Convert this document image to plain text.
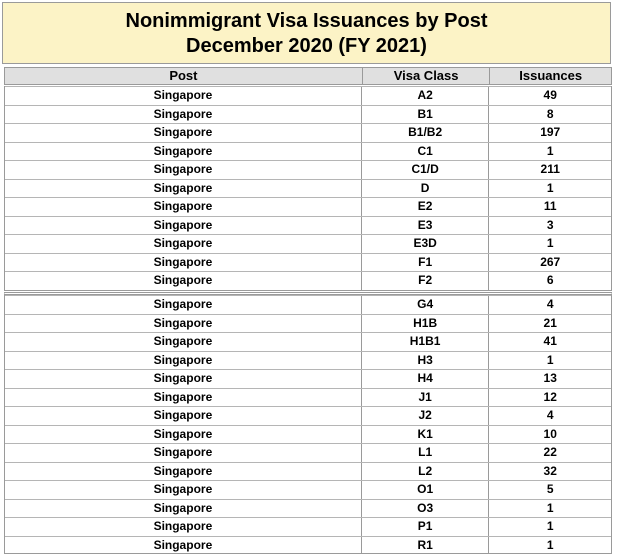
Nonimmigrant Visa Issuances by Post
December 2020 (FY 2021)
Post	Visa Class	Issuances
Singapore	A2	49
Singapore	B1	8
Singapore	B1/B2	197
Singapore	C1	1
Singapore	C1/D	211
Singapore	D	1
Singapore	E2	11
Singapore	E3	3
Singapore	E3D	1
Singapore	F1	267
Singapore	F2	6
Singapore	G4	4
Singapore	H1B	21
Singapore	H1B1	41
Singapore	H3	1
Singapore	H4	13
Singapore	J1	12
Singapore	J2	4
Singapore	K1	10
Singapore	L1	22
Singapore	L2	32
Singapore	O1	5
Singapore	O3	1
Singapore	P1	1
Singapore	R1	1
